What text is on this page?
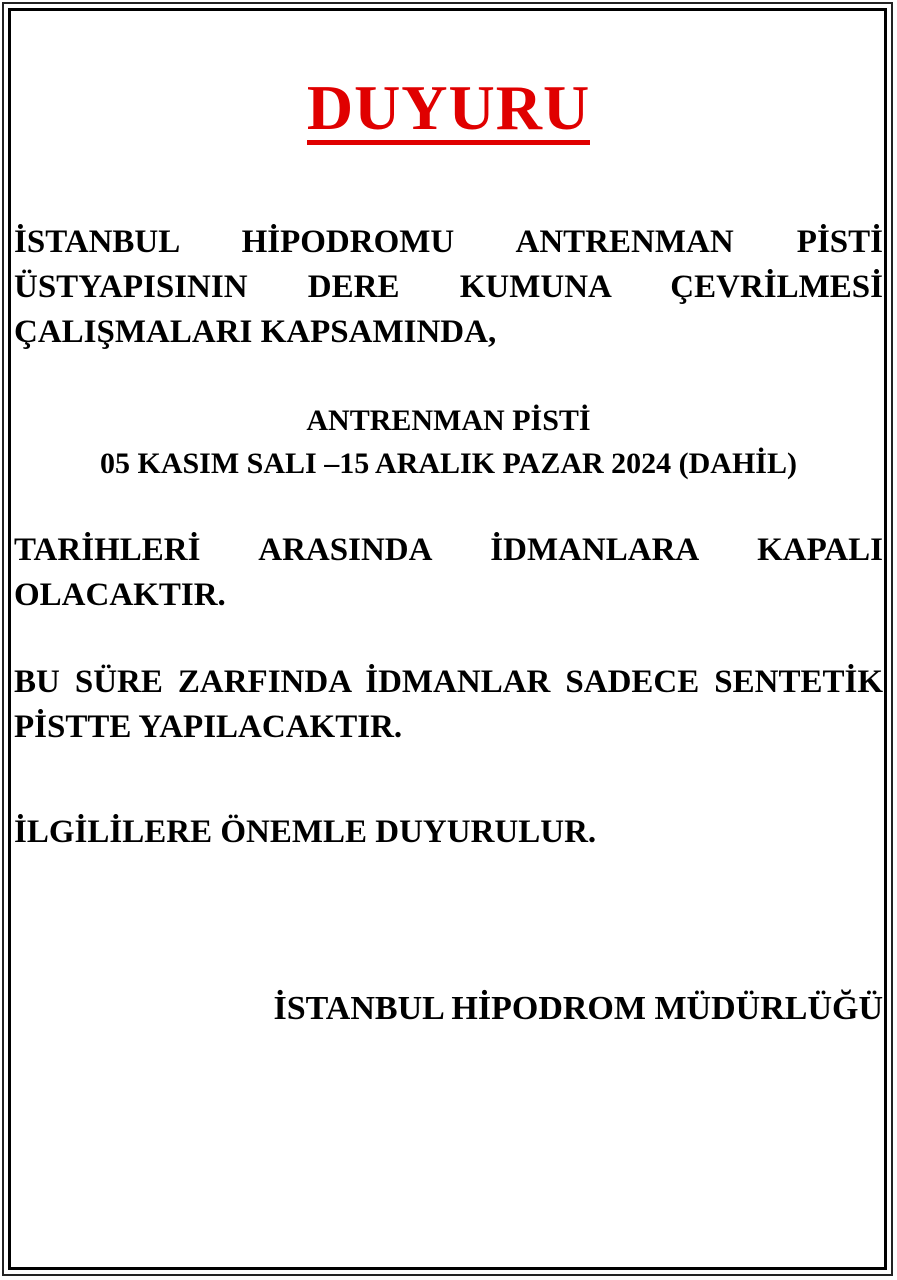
DUYURU

İSTANBUL HİPODROMU ANTRENMAN PİSTİ ÜSTYAPISININ DERE KUMUNA ÇEVRİLMESİ ÇALIŞMALARI KAPSAMINDA,

ANTRENMAN PİSTİ

05 KASIM SALI –15 ARALIK PAZAR 2024 (DAHİL)

TARİHLERİ ARASINDA İDMANLARA KAPALI OLACAKTIR.

BU SÜRE ZARFINDA İDMANLAR SADECE SENTETİK PİSTTE YAPILACAKTIR.

İLGİLİLERE ÖNEMLE DUYURULUR.

İSTANBUL HİPODROM MÜDÜRLÜĞÜ
